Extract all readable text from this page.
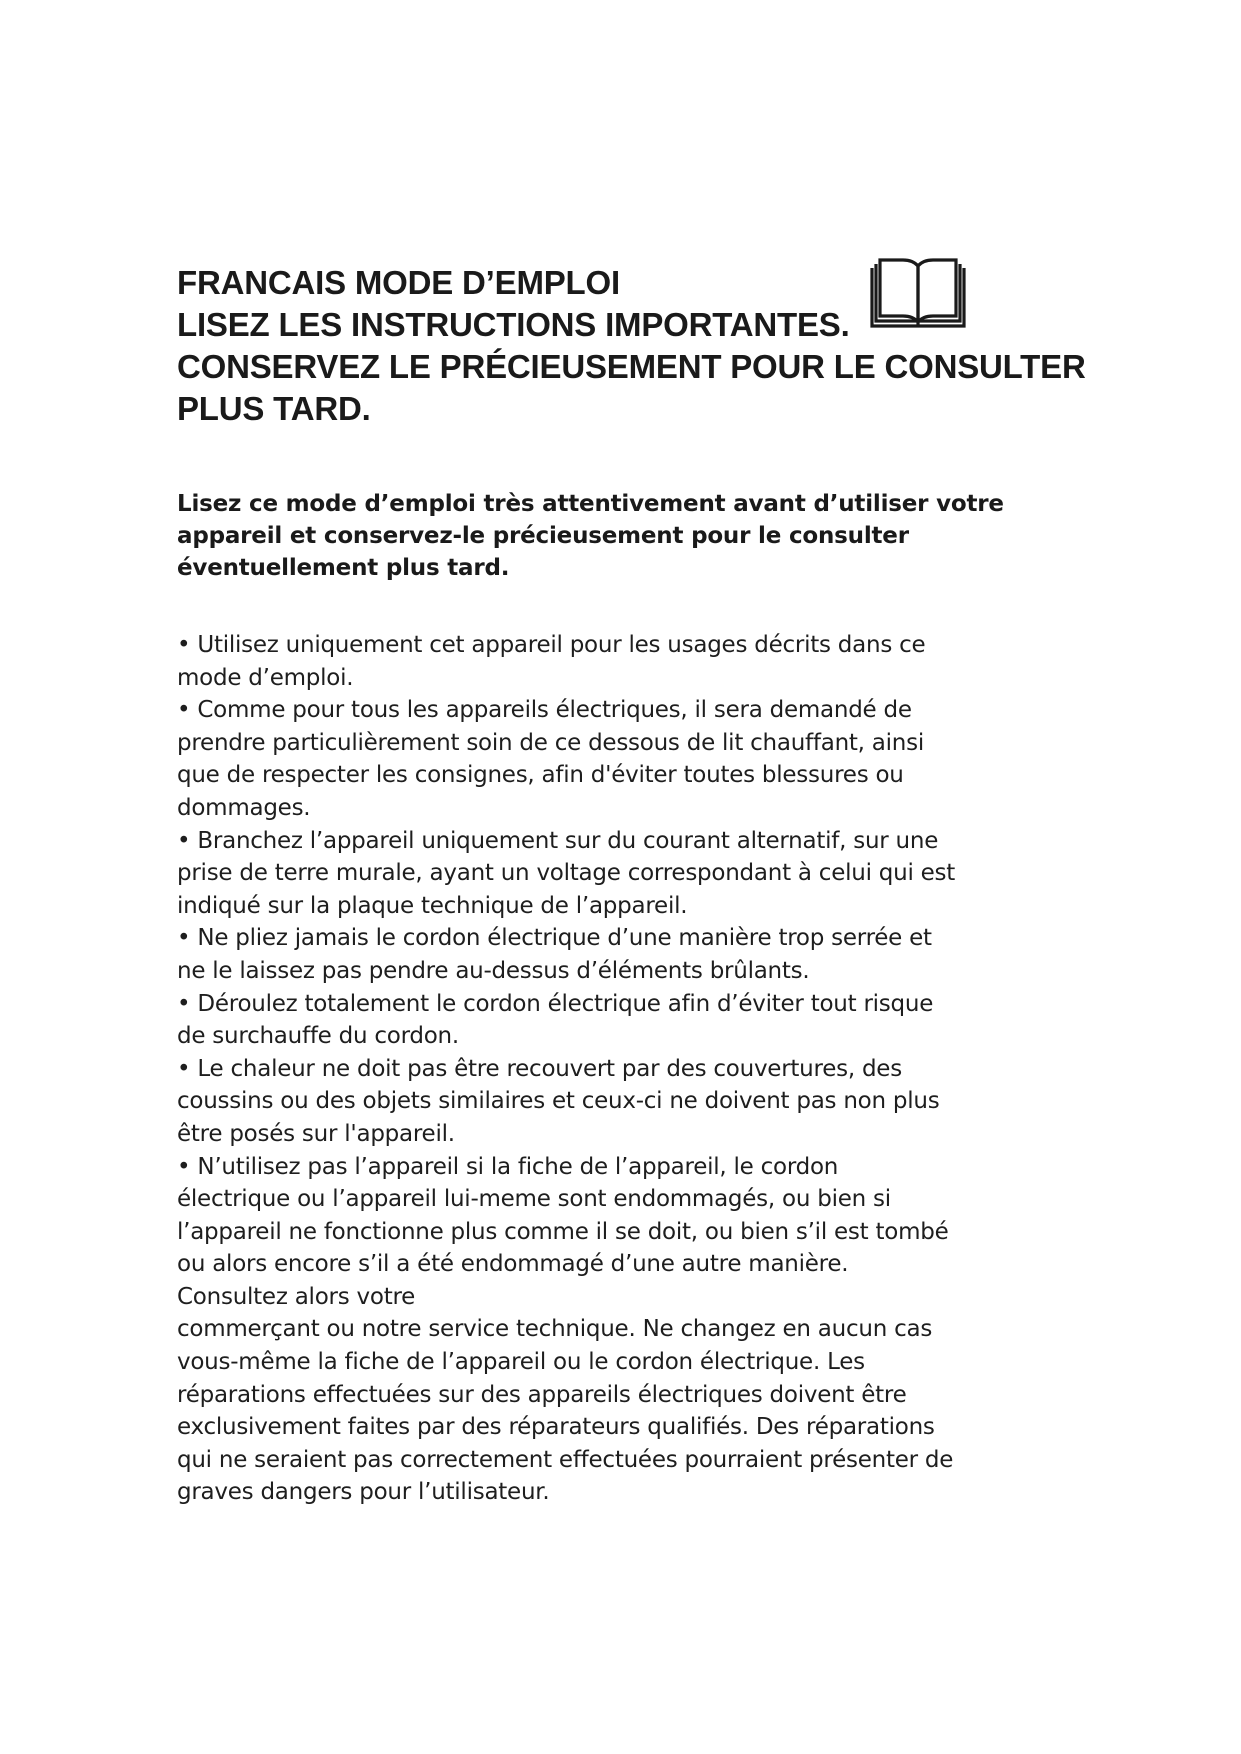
FRANCAIS MODE D’EMPLOI
LISEZ LES INSTRUCTIONS IMPORTANTES.
CONSERVEZ LE PRÉCIEUSEMENT POUR LE CONSULTER
PLUS TARD.
Lisez ce mode d’emploi très attentivement avant d’utiliser votre
appareil et conservez-le précieusement pour le consulter
éventuellement plus tard.
• Utilisez uniquement cet appareil pour les usages décrits dans ce
mode d’emploi.
• Comme pour tous les appareils électriques, il sera demandé de
prendre particulièrement soin de ce dessous de lit chauffant, ainsi
que de respecter les consignes, afin d'éviter toutes blessures ou
dommages.
• Branchez l’appareil uniquement sur du courant alternatif, sur une
prise de terre murale, ayant un voltage correspondant à celui qui est
indiqué sur la plaque technique de l’appareil.
• Ne pliez jamais le cordon électrique d’une manière trop serrée et
ne le laissez pas pendre au-dessus d’éléments brûlants.
• Déroulez totalement le cordon électrique afin d’éviter tout risque
de surchauffe du cordon.
• Le chaleur ne doit pas être recouvert par des couvertures, des
coussins ou des objets similaires et ceux-ci ne doivent pas non plus
être posés sur l'appareil.
• N’utilisez pas l’appareil si la fiche de l’appareil, le cordon
électrique ou l’appareil lui-meme sont endommagés, ou bien si
l’appareil ne fonctionne plus comme il se doit, ou bien s’il est tombé
ou alors encore s’il a été endommagé d’une autre manière.
Consultez alors votre
commerçant ou notre service technique. Ne changez en aucun cas
vous-même la fiche de l’appareil ou le cordon électrique. Les
réparations effectuées sur des appareils électriques doivent être
exclusivement faites par des réparateurs qualifiés. Des réparations
qui ne seraient pas correctement effectuées pourraient présenter de
graves dangers pour l’utilisateur.
